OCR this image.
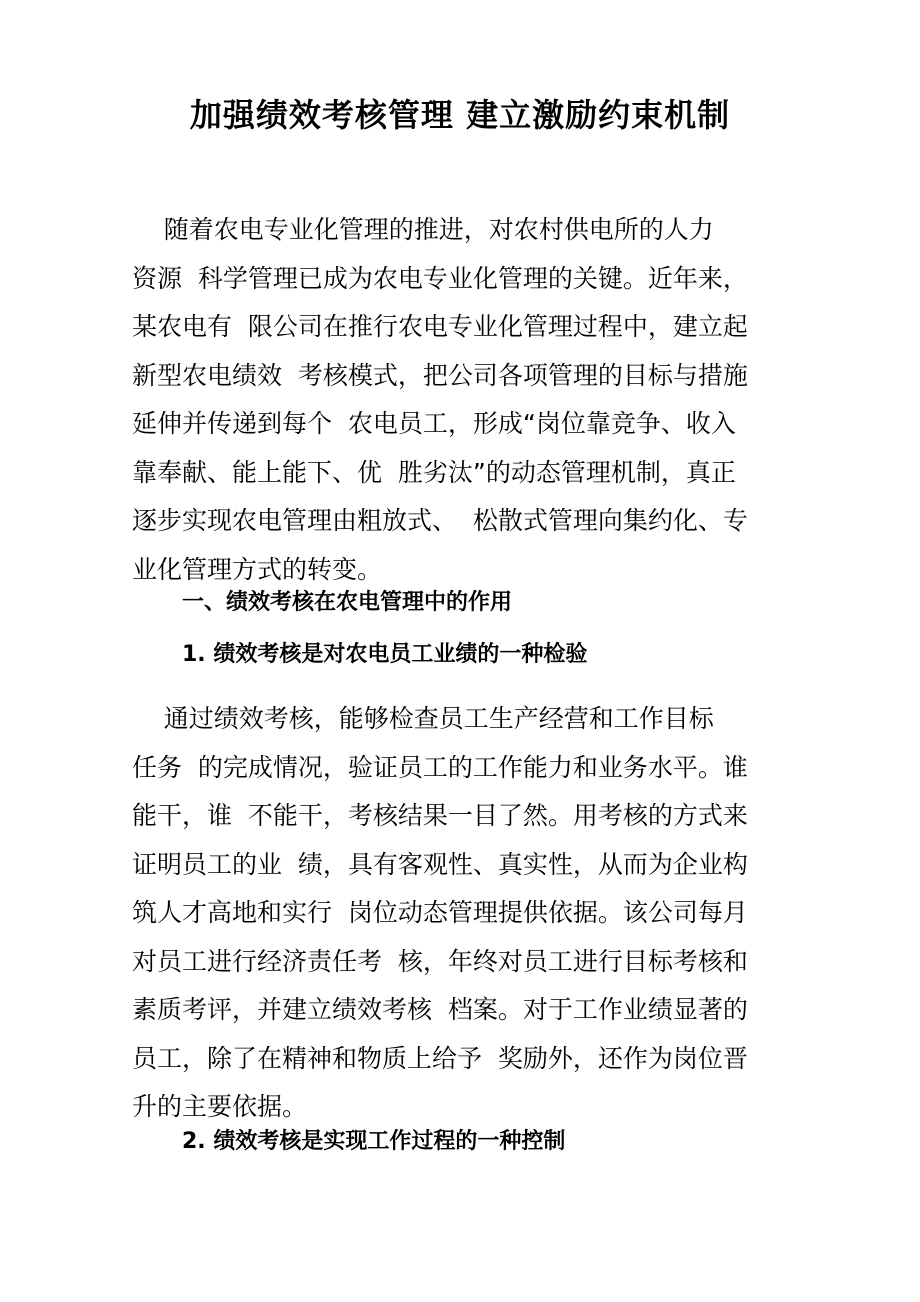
加强绩效考核管理 建立激励约束机制
随着农电专业化管理的推进，对农村供电所的人力
资源  科学管理已成为农电专业化管理的关键。近年来，
某农电有  限公司在推行农电专业化管理过程中，建立起
新型农电绩效  考核模式，把公司各项管理的目标与措施
延伸并传递到每个  农电员工，形成“岗位靠竞争、收入
靠奉献、能上能下、优  胜劣汰”的动态管理机制，真正
逐步实现农电管理由粗放式、  松散式管理向集约化、专
业化管理方式的转变。
一、绩效考核在农电管理中的作用
1. 绩效考核是对农电员工业绩的一种检验
通过绩效考核，能够检查员工生产经营和工作目标
任务  的完成情况，验证员工的工作能力和业务水平。谁
能干，谁  不能干，考核结果一目了然。用考核的方式来
证明员工的业  绩，具有客观性、真实性，从而为企业构
筑人才高地和实行  岗位动态管理提供依据。该公司每月
对员工进行经济责任考  核，年终对员工进行目标考核和
素质考评，并建立绩效考核  档案。对于工作业绩显著的
员工，除了在精神和物质上给予  奖励外，还作为岗位晋
升的主要依据。
2. 绩效考核是实现工作过程的一种控制
